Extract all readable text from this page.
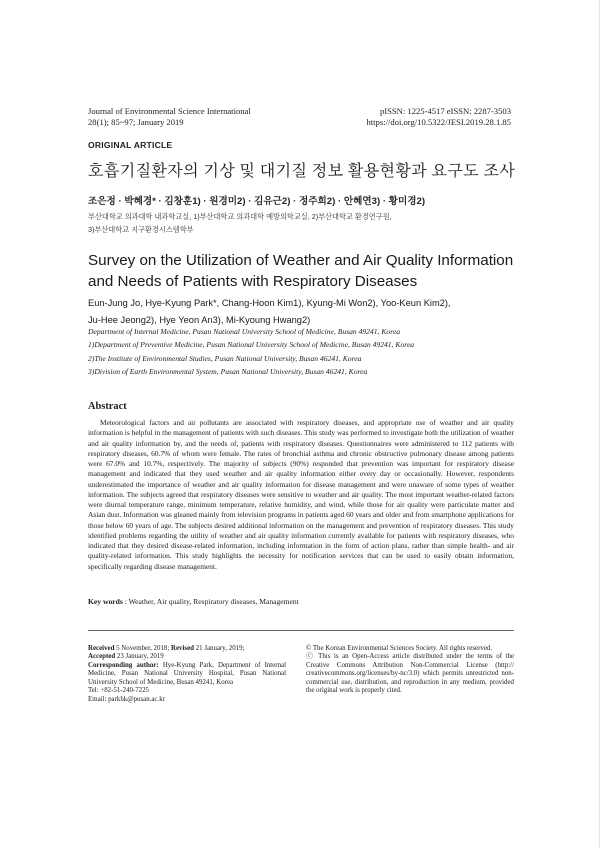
Journal of Environmental Science International
28(1); 85~97; January 2019
pISSN: 1225-4517 eISSN: 2287-3503
https://doi.org/10.5322/JESI.2019.28.1.85
ORIGINAL ARTICLE
호흡기질환자의 기상 및 대기질 정보 활용현황과 요구도 조사
조은정 · 박혜경* · 김창훈1) · 원경미2) · 김유근2) · 정주희2) · 안혜연3) · 황미경2)
부산대학교 의과대학 내과학교실, 1)부산대학교 의과대학 예방의학교실, 2)부산대학교 환경연구원,
3)부산대학교 지구환경시스템학부
Survey on the Utilization of Weather and Air Quality Information and Needs of Patients with Respiratory Diseases
Eun-Jung Jo, Hye-Kyung Park*, Chang-Hoon Kim1), Kyung-Mi Won2), Yoo-Keun Kim2),
Ju-Hee Jeong2), Hye Yeon An3), Mi-Kyoung Hwang2)
Department of Internal Medicine, Pusan National University School of Medicine, Busan 49241, Korea
1)Department of Preventive Medicine, Pusan National University School of Medicine, Busan 49241, Korea
2)The Institute of Environmental Studies, Pusan National University, Busan 46241, Korea
3)Division of Earth Environmental System, Pusan National University, Busan 46241, Korea
Abstract
Meteorological factors and air pollutants are associated with respiratory diseases, and appropriate use of weather and air quality information is helpful in the management of patients with such diseases. This study was performed to investigate both the utilization of weather and air quality information by, and the needs of, patients with respiratory diseases. Questionnaires were administered to 112 patients with respiratory diseases, 60.7% of whom were female. The rates of bronchial asthma and chronic obstructive pulmonary disease among patients were 67.0% and 10.7%, respectively. The majority of subjects (90%) responded that prevention was important for respiratory disease management and indicated that they used weather and air quality information either every day or occasionally. However, respondents underestimated the importance of weather and air quality information for disease management and were unaware of some types of weather information. The subjects agreed that respiratory diseases were sensitive to weather and air quality. The most important weather-related factors were diurnal temperature range, minimum temperature, relative humidity, and wind, while those for air quality were particulate matter and Asian dust. Information was gleaned mainly from television programs in patients aged 60 years and older and from smartphone applications for those below 60 years of age. The subjects desired additional information on the management and prevention of respiratory diseases. This study identified problems regarding the utility of weather and air quality information currently available for patients with respiratory diseases, who indicated that they desired disease-related information, including information in the form of action plans, rather than simple health- and air quality-related information. This study highlights the necessity for notification services that can be used to easily obtain information, specifically regarding disease management.
Key words : Weather, Air quality, Respiratory diseases, Management
Received 5 November, 2018; Revised 21 January, 2019;
Accepted 23 January, 2019
Corresponding author: Hye-Kyung Park, Department of Internal Medicine, Pusan National University Hospital, Pusan National University School of Medicine, Busan 49241, Korea
Tel: +82-51-240-7225
Email: parkhk@pusan.ac.kr
© The Korean Environmental Sciences Society. All rights reserved.
ⓒ This is an Open-Access article distributed under the terms of the Creative Commons Attribution Non-Commercial License (http:// creativecommons.org/licenses/by-nc/3.0) which permits unrestricted non-commercial use, distribution, and reproduction in any medium, provided the original work is properly cited.
